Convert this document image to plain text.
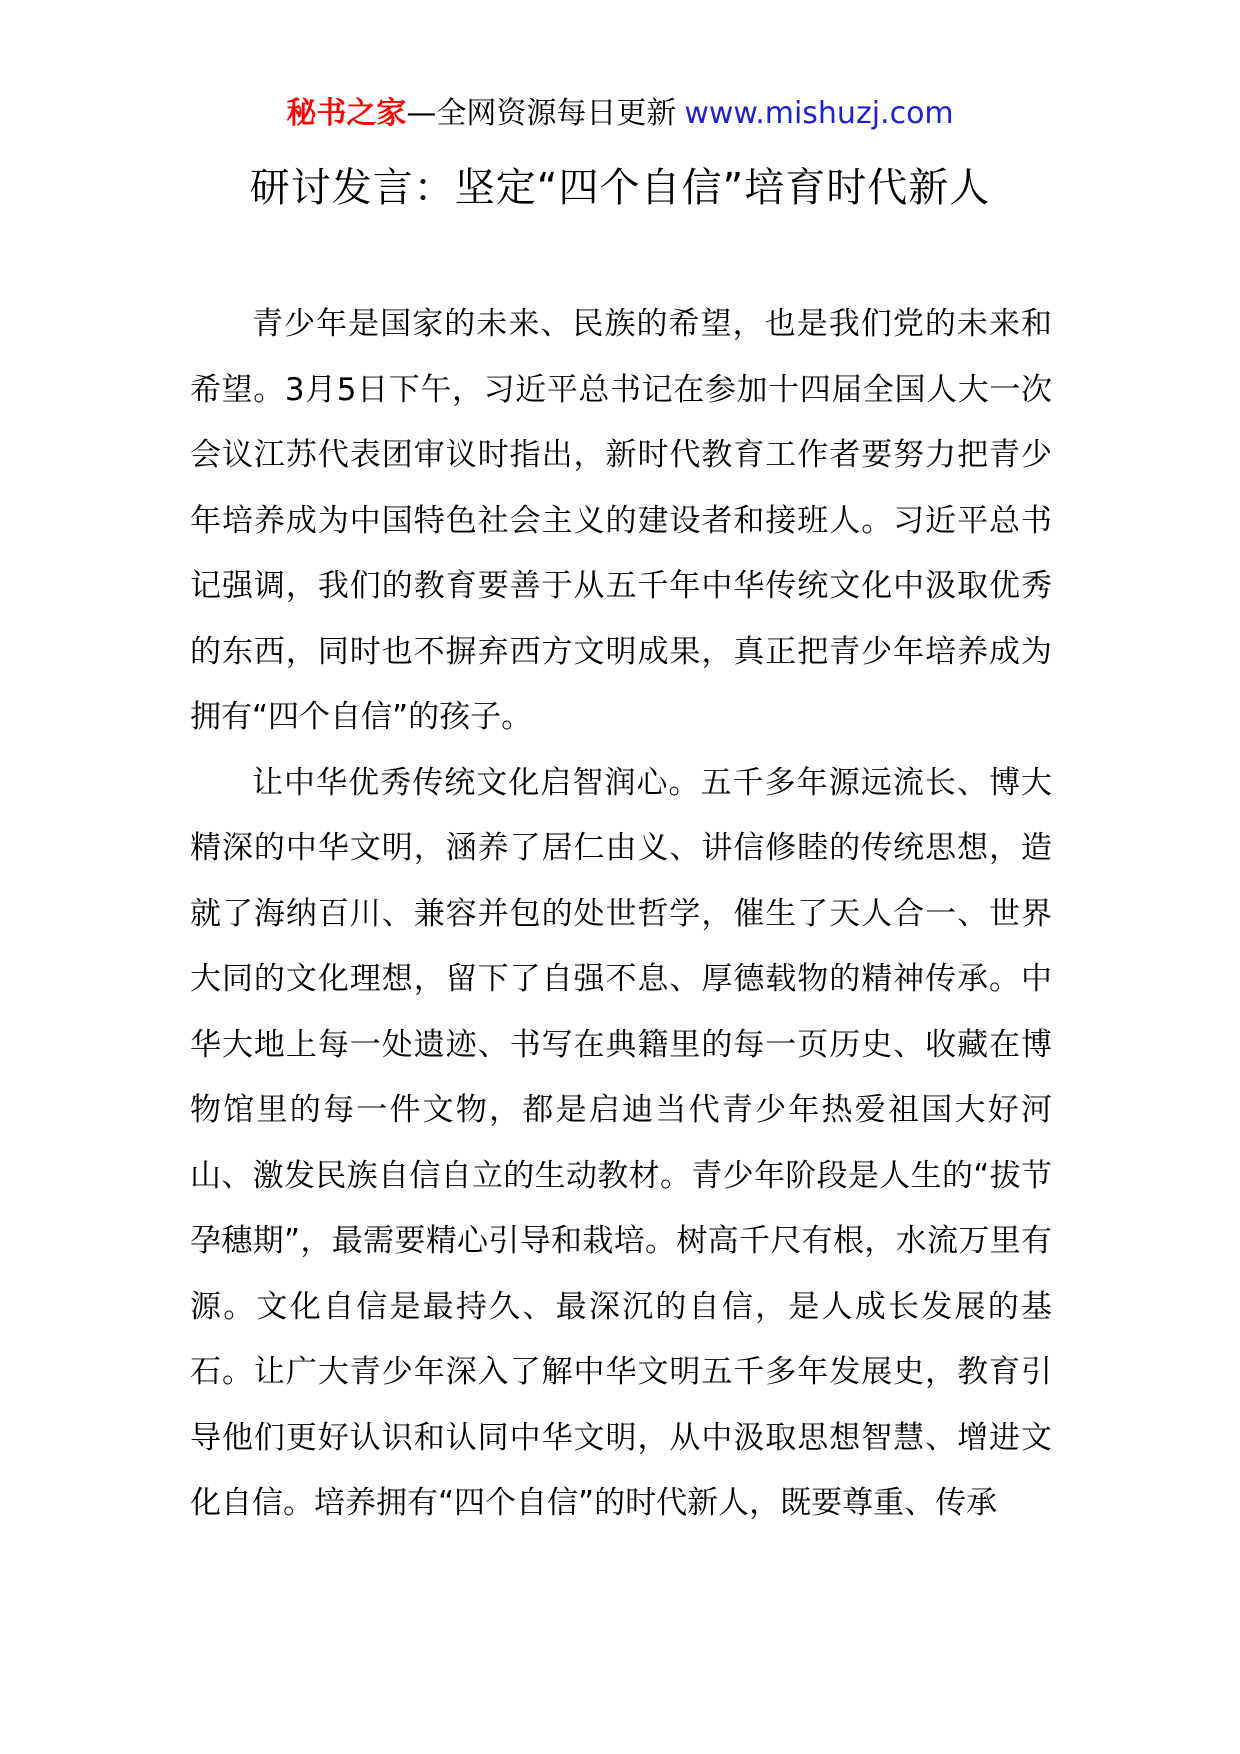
秘书之家—全网资源每日更新 www.mishuzj.com
研讨发言：坚定“四个自信”培育时代新人

青少年是国家的未来、民族的希望，也是我们党的未来和希望。3月5日下午，习近平总书记在参加十四届全国人大一次会议江苏代表团审议时指出，新时代教育工作者要努力把青少年培养成为中国特色社会主义的建设者和接班人。习近平总书记强调，我们的教育要善于从五千年中华传统文化中汲取优秀的东西，同时也不摒弃西方文明成果，真正把青少年培养成为拥有“四个自信”的孩子。

让中华优秀传统文化启智润心。五千多年源远流长、博大精深的中华文明，涵养了居仁由义、讲信修睦的传统思想，造就了海纳百川、兼容并包的处世哲学，催生了天人合一、世界大同的文化理想，留下了自强不息、厚德载物的精神传承。中华大地上每一处遗迹、书写在典籍里的每一页历史、收藏在博物馆里的每一件文物，都是启迪当代青少年热爱祖国大好河山、激发民族自信自立的生动教材。青少年阶段是人生的“拔节孕穗期”，最需要精心引导和栽培。树高千尺有根，水流万里有源。文化自信是最持久、最深沉的自信，是人成长发展的基石。让广大青少年深入了解中华文明五千多年发展史，教育引导他们更好认识和认同中华文明，从中汲取思想智慧、增进文化自信。培养拥有“四个自信”的时代新人，既要尊重、传承
